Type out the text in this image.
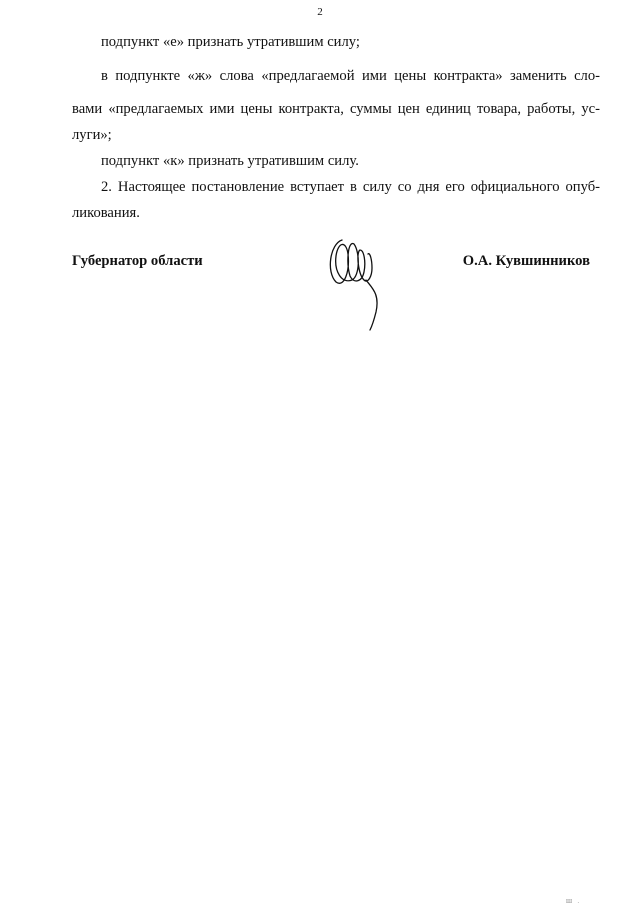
2
подпункт «е» признать утратившим силу;
в подпункте «ж» слова «предлагаемой ими цены контракта» заменить сло-
вами «предлагаемых ими цены контракта, суммы цен единиц товара, работы, ус-
луги»;
подпункт «к» признать утратившим силу.
2. Настоящее постановление вступает в силу со дня его официального опуб-
ликования.
Губернатор области	О.А. Кувшинников
Ш .
